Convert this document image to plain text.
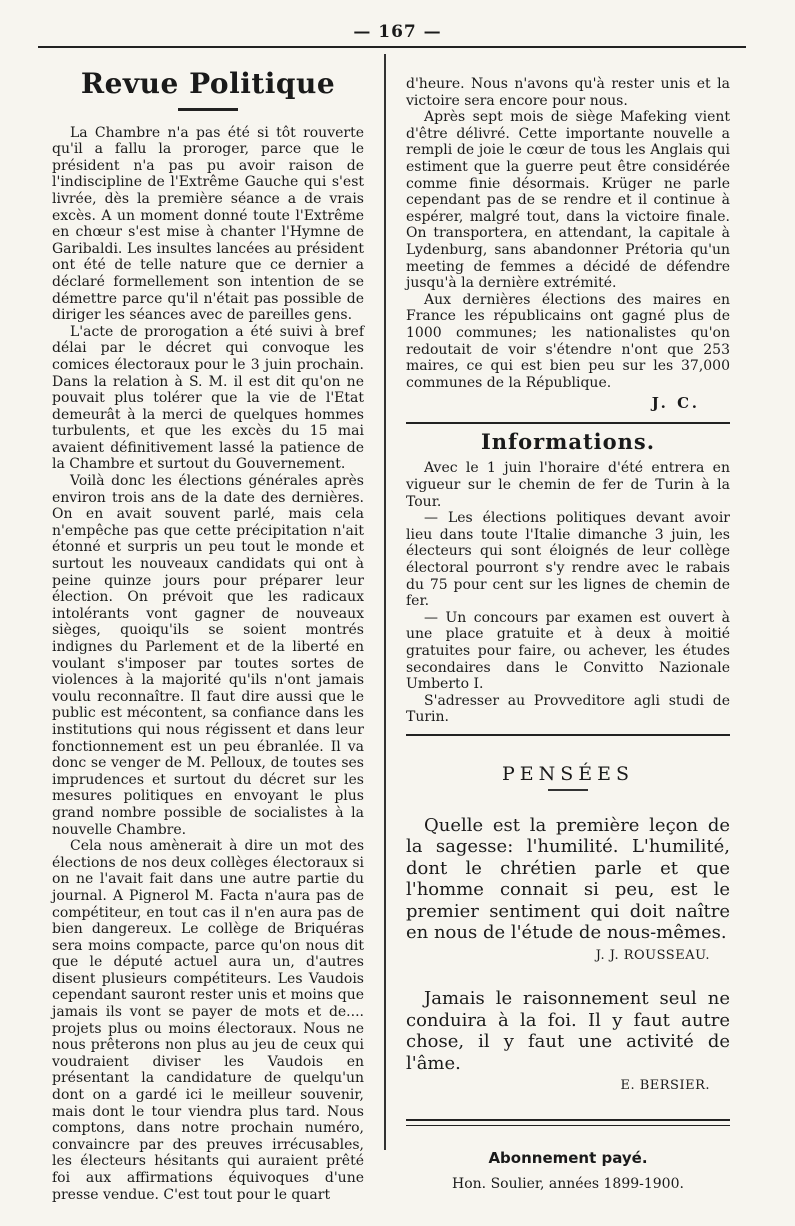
— 167 —
Revue Politique

La Chambre n'a pas été si tôt rouverte qu'il a fallu la proroger, parce que le président n'a pas pu avoir raison de l'indiscipline de l'Extrême Gauche qui s'est livrée, dès la première séance a de vrais excès. A un moment donné toute l'Extrême en chœur s'est mise à chanter l'Hymne de Garibaldi. Les insultes lancées au président ont été de telle nature que ce dernier a déclaré formellement son intention de se démettre parce qu'il n'était pas possible de diriger les séances avec de pareilles gens.

L'acte de prorogation a été suivi à bref délai par le décret qui convoque les comices électoraux pour le 3 juin prochain. Dans la relation à S. M. il est dit qu'on ne pouvait plus tolérer que la vie de l'Etat demeurât à la merci de quelques hommes turbulents, et que les excès du 15 mai avaient définitivement lassé la patience de la Chambre et surtout du Gouvernement.

Voilà donc les élections générales après environ trois ans de la date des dernières. On en avait souvent parlé, mais cela n'empêche pas que cette précipitation n'ait étonné et surpris un peu tout le monde et surtout les nouveaux candidats qui ont à peine quinze jours pour préparer leur élection. On prévoit que les radicaux intolérants vont gagner de nouveaux sièges, quoiqu'ils se soient montrés indignes du Parlement et de la liberté en voulant s'imposer par toutes sortes de violences à la majorité qu'ils n'ont jamais voulu reconnaître. Il faut dire aussi que le public est mécontent, sa confiance dans les institutions qui nous régissent et dans leur fonctionnement est un peu ébranlée. Il va donc se venger de M. Pelloux, de toutes ses imprudences et surtout du décret sur les mesures politiques en envoyant le plus grand nombre possible de socialistes à la nouvelle Chambre.

Cela nous amènerait à dire un mot des élections de nos deux collèges électoraux si on ne l'avait fait dans une autre partie du journal. A Pignerol M. Facta n'aura pas de compétiteur, en tout cas il n'en aura pas de bien dangereux. Le collège de Briquéras sera moins compacte, parce qu'on nous dit que le député actuel aura un, d'autres disent plusieurs compétiteurs. Les Vaudois cependant sauront rester unis et moins que jamais ils vont se payer de mots et de.... projets plus ou moins électoraux. Nous ne nous prêterons non plus au jeu de ceux qui voudraient diviser les Vaudois en présentant la candidature de quelqu'un dont on a gardé ici le meilleur souvenir, mais dont le tour viendra plus tard. Nous comptons, dans notre prochain numéro, convaincre par des preuves irrécusables, les électeurs hésitants qui auraient prêté foi aux affirmations équivoques d'une presse vendue. C'est tout pour le quart

d'heure. Nous n'avons qu'à rester unis et la victoire sera encore pour nous.

Après sept mois de siège Mafeking vient d'être délivré. Cette importante nouvelle a rempli de joie le cœur de tous les Anglais qui estiment que la guerre peut être considérée comme finie désormais. Krüger ne parle cependant pas de se rendre et il continue à espérer, malgré tout, dans la victoire finale. On transportera, en attendant, la capitale à Lydenburg, sans abandonner Prétoria qu'un meeting de femmes a décidé de défendre jusqu'à la dernière extrémité.

Aux dernières élections des maires en France les républicains ont gagné plus de 1000 communes; les nationalistes qu'on redoutait de voir s'étendre n'ont que 253 maires, ce qui est bien peu sur les 37,000 communes de la République.

J. C.
Informations.

Avec le 1 juin l'horaire d'été entrera en vigueur sur le chemin de fer de Turin à la Tour.

— Les élections politiques devant avoir lieu dans toute l'Italie dimanche 3 juin, les électeurs qui sont éloignés de leur collège électoral pourront s'y rendre avec le rabais du 75 pour cent sur les lignes de chemin de fer.

— Un concours par examen est ouvert à une place gratuite et à deux à moitié gratuites pour faire, ou achever, les études secondaires dans le Convitto Nazionale Umberto I.

S'adresser au Provveditore agli studi de Turin.

PENSÉES

Quelle est la première leçon de la sagesse: l'humilité. L'humilité, dont le chrétien parle et que l'homme connait si peu, est le premier sentiment qui doit naître en nous de l'étude de nous-mêmes.

J. J. ROUSSEAU.

Jamais le raisonnement seul ne conduira à la foi. Il y faut autre chose, il y faut une activité de l'âme.

E. BERSIER.
Abonnement payé.
Hon. Soulier, années 1899-1900.
